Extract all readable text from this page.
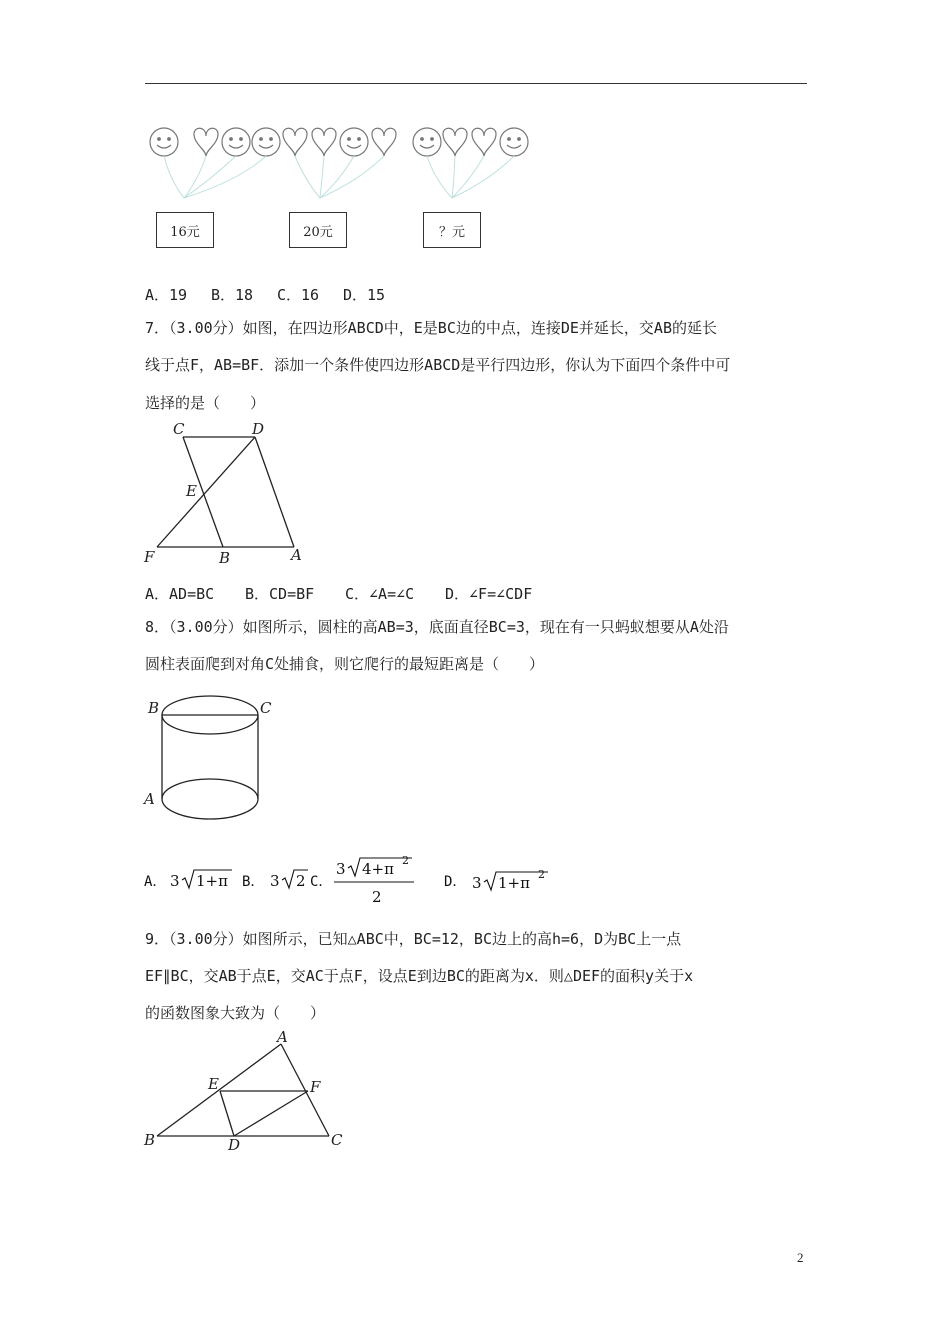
16元	20元	？元
A．19 B．18 C．16 D．15
7．（3.00分）如图，在四边形ABCD中，E是BC边的中点，连接DE并延长，交AB的延长
线于点F，AB=BF．添加一个条件使四边形ABCD是平行四边形，你认为下面四个条件中可
选择的是（　　）
C	D
E
F	B	A
A．AD=BC B．CD=BF C．∠A=∠C D．∠F=∠CDF
8．（3.00分）如图所示，圆柱的高AB=3，底面直径BC=3，现在有一只蚂蚁想要从A处沿
圆柱表面爬到对角C处捕食，则它爬行的最短距离是（　　）
B	C
A
A． 3 1+π B． 3 2 C．
3 4+π 2
2
D． 3 1+π 2
9．（3.00分）如图所示，已知△ABC中，BC=12，BC边上的高h=6，D为BC上一点
EF∥BC，交AB于点E，交AC于点F，设点E到边BC的距离为x．则△DEF的面积y关于x
的函数图象大致为（　　）
A
E	F
B	D	C
2
